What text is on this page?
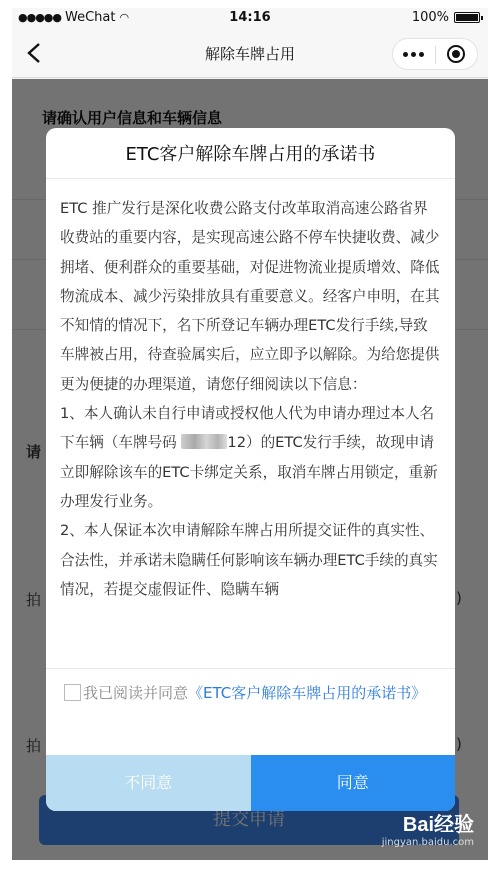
●●●●● WeChat ◠	14:16	100%
解除车牌占用
ETC客户解除车牌占用的承诺书

ETC 推广发行是深化收费公路支付改革取消高速公路省界收费站的重要内容，是实现高速公路不停车快捷收费、减少拥堵、便利群众的重要基础，对促进物流业提质增效、降低物流成本、减少污染排放具有重要意义。经客户申明，在其不知情的情况下，名下所登记车辆办理ETC发行手续,导致车牌被占用，待查验属实后，应立即予以解除。为给您提供更为便捷的办理渠道，请您仔细阅读以下信息：

1、本人确认未自行申请或授权他人代为申请办理过本人名下车辆（车牌号码	12）的ETC发行手续，故现申请立即解除该车的ETC卡绑定关系，取消车牌占用锁定，重新办理发行业务。

2、本人保证本次申请解除车牌占用所提交证件的真实性、合法性，并承诺未隐瞒任何影响该车辆办理ETC手续的真实情况，若提交虚假证件、隐瞒车辆

我已阅读并同意《ETC客户解除车牌占用的承诺书》
不同意	同意
Bai经验
jingyan.baidu.com
